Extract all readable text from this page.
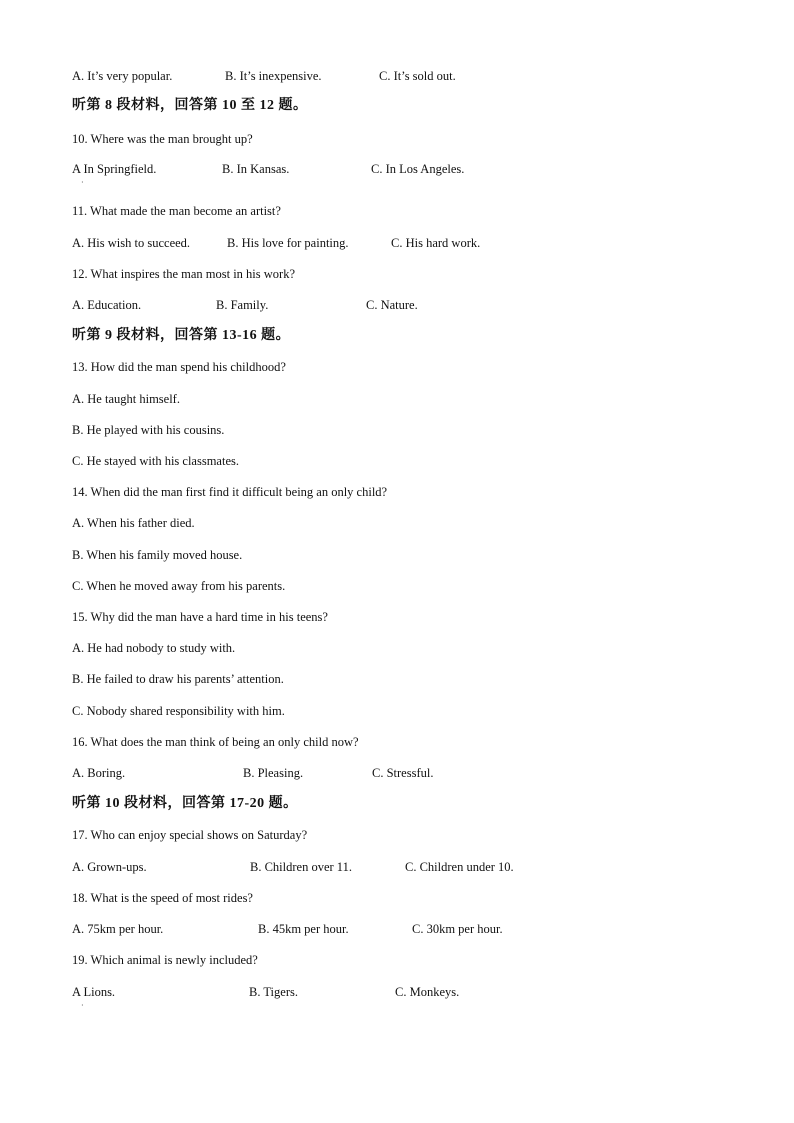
A. It’s very popular.	B. It’s inexpensive.	C. It’s sold out.
听第 8 段材料，回答第 10 至 12 题。
10. Where was the man brought up?
A In Springfield.	B. In Kansas.	C. In Los Angeles.
·
11. What made the man become an artist?
A. His wish to succeed.	B. His love for painting.	C. His hard work.
12. What inspires the man most in his work?
A. Education.	B. Family.	C. Nature.
听第 9 段材料，回答第 13-16 题。
13. How did the man spend his childhood?
A. He taught himself.
B. He played with his cousins.
C. He stayed with his classmates.
14. When did the man first find it difficult being an only child?
A. When his father died.
B. When his family moved house.
C. When he moved away from his parents.
15. Why did the man have a hard time in his teens?
A. He had nobody to study with.
B. He failed to draw his parents’ attention.
C. Nobody shared responsibility with him.
16. What does the man think of being an only child now?
A. Boring.	B. Pleasing.	C. Stressful.
听第 10 段材料，回答第 17-20 题。
17. Who can enjoy special shows on Saturday?
A. Grown-ups.	B. Children over 11.	C. Children under 10.
18. What is the speed of most rides?
A. 75km per hour.	B. 45km per hour.	C. 30km per hour.
19. Which animal is newly included?
A Lions.	B. Tigers.	C. Monkeys.
·
